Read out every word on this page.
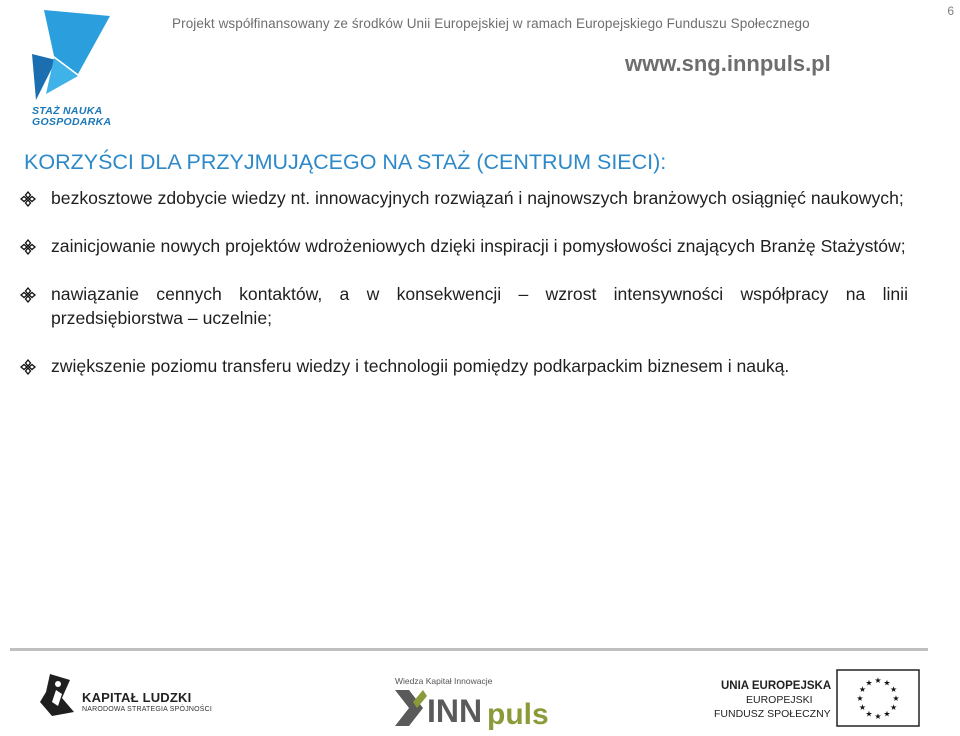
6
STAŻ NAUKA
GOSPODARKA
Projekt współfinansowany ze środków Unii Europejskiej w ramach Europejskiego Funduszu Społecznego
www.sng.innpuls.pl
KORZYŚCI DLA PRZYJMUJĄCEGO NA STAŻ (CENTRUM SIECI):
bezkosztowe zdobycie wiedzy nt. innowacyjnych rozwiązań i najnowszych branżowych osiągnięć naukowych;
zainicjowanie nowych projektów wdrożeniowych dzięki inspiracji i pomysłowości znających Branżę Stażystów;
nawiązanie cennych kontaktów, a w konsekwencji – wzrost intensywności współpracy na linii przedsiębiorstwa – uczelnie;
zwiększenie poziomu transferu wiedzy i technologii pomiędzy podkarpackim biznesem i nauką.
KAPITAŁ LUDZKI
NARODOWA STRATEGIA SPÓJNOŚCI
Wiedza Kapitał Innowacje
INN puls
UNIA EUROPEJSKA
EUROPEJSKI
FUNDUSZ SPOŁECZNY
★ ★
★
★
★
★
★
★
★
★
★
★
